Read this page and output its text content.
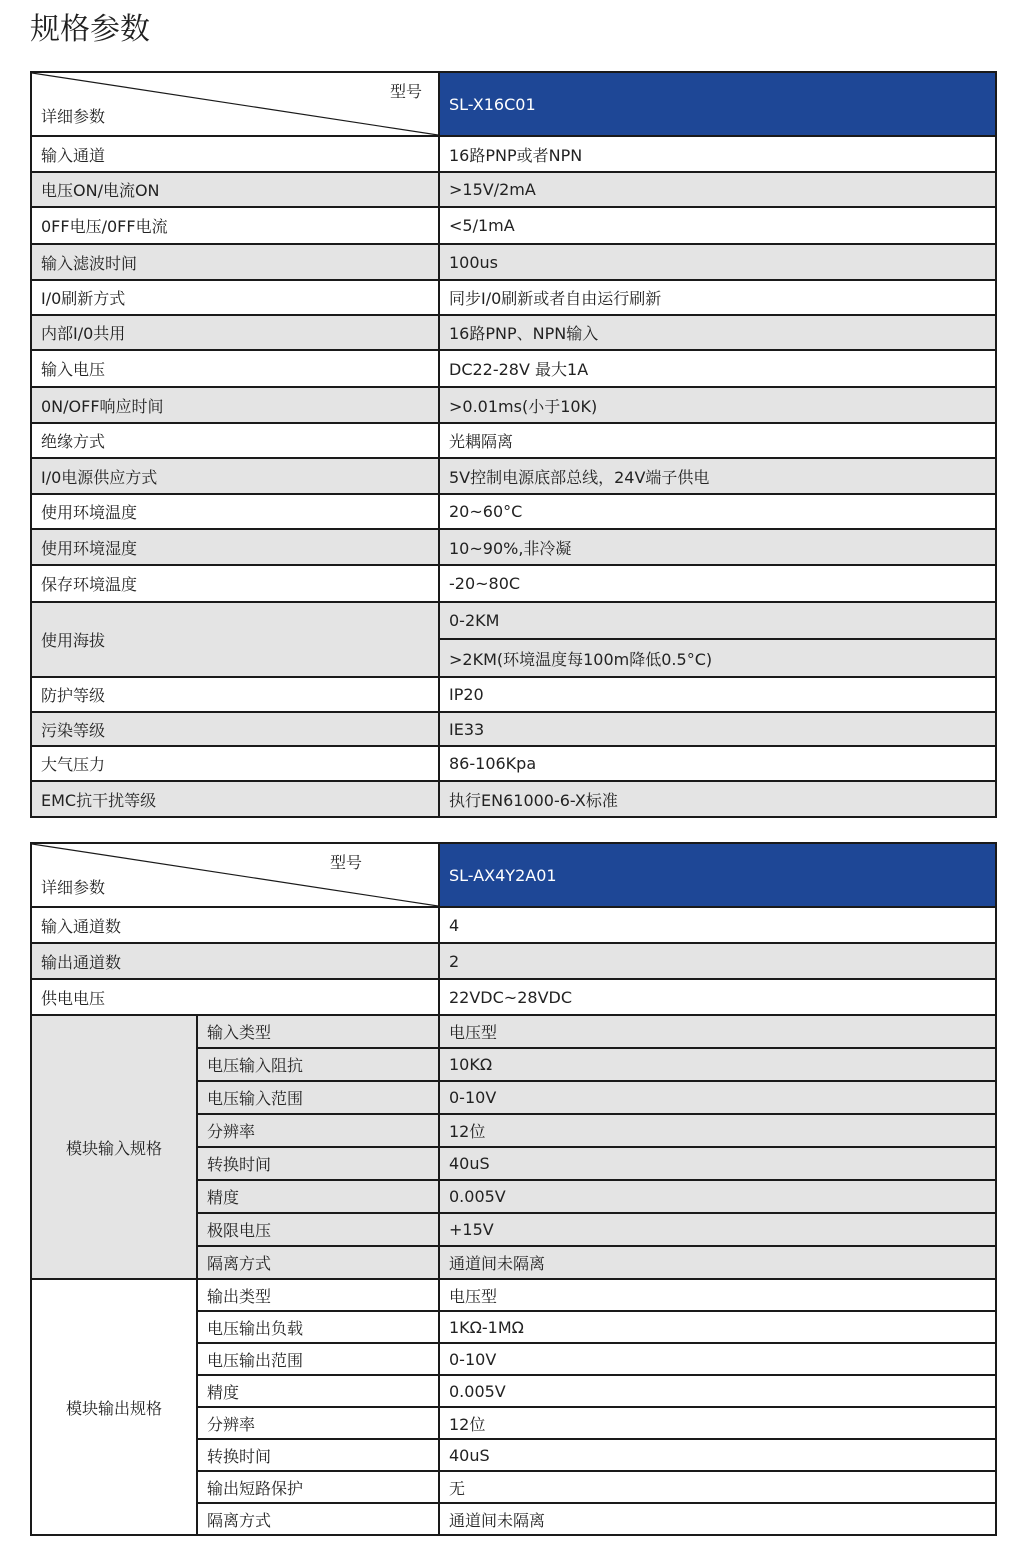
规格参数
型号
详细参数	SL-X16C01
输入通道	16路PNP或者NPN
电压ON/电流ON	>15V/2mA
0FF电压/0FF电流	<5/1mA
输入滤波时间	100us
I/0刷新方式	同步I/0刷新或者自由运行刷新
内部I/0共用	16路PNP、NPN输入
输入电压	DC22-28V 最大1A
0N/OFF响应时间	>0.01ms(小于10K)
绝缘方式	光耦隔离
I/0电源供应方式	5V控制电源底部总线，24V端子供电
使用环境温度	20~60°C
使用环境湿度	10~90%,非冷凝
保存环境温度	-20~80C
使用海拔	0-2KM
	>2KM(环境温度每100m降低0.5°C)
防护等级	IP20
污染等级	IE33
大气压力	86-106Kpa
EMC抗干扰等级	执行EN61000-6-X标准
型号
详细参数		SL-AX4Y2A01
输入通道数		4
输出通道数		2
供电电压		22VDC~28VDC
模块输入规格	输入类型	电压型
	电压输入阻抗	10KΩ
	电压输入范围	0-10V
	分辨率	12位
	转换时间	40uS
	精度	0.005V
	极限电压	+15V
	隔离方式	通道间未隔离
模块输出规格	输出类型	电压型
	电压输出负载	1KΩ-1MΩ
	电压输出范围	0-10V
	精度	0.005V
	分辨率	12位
	转换时间	40uS
	输出短路保护	无
	隔离方式	通道间未隔离
